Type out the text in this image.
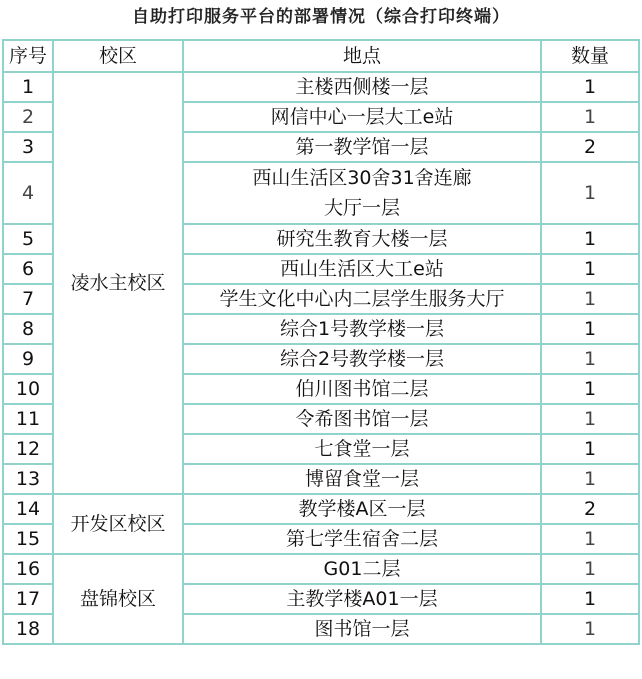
自助打印服务平台的部署情况（综合打印终端）
序号	校区	地点	数量
1	凌水主校区	主楼西侧楼一层	1
2		网信中心一层大工e站	1
3		第一教学馆一层	2
4		西山生活区30舍31舍连廊
大厅一层	1
5		研究生教育大楼一层	1
6		西山生活区大工e站	1
7		学生文化中心内二层学生服务大厅	1
8		综合1号教学楼一层	1
9		综合2号教学楼一层	1
10		伯川图书馆二层	1
11		令希图书馆一层	1
12		七食堂一层	1
13		博留食堂一层	1
14	开发区校区	教学楼A区一层	2
15		第七学生宿舍二层	1
16	盘锦校区	G01二层	1
17		主教学楼A01一层	1
18		图书馆一层	1
